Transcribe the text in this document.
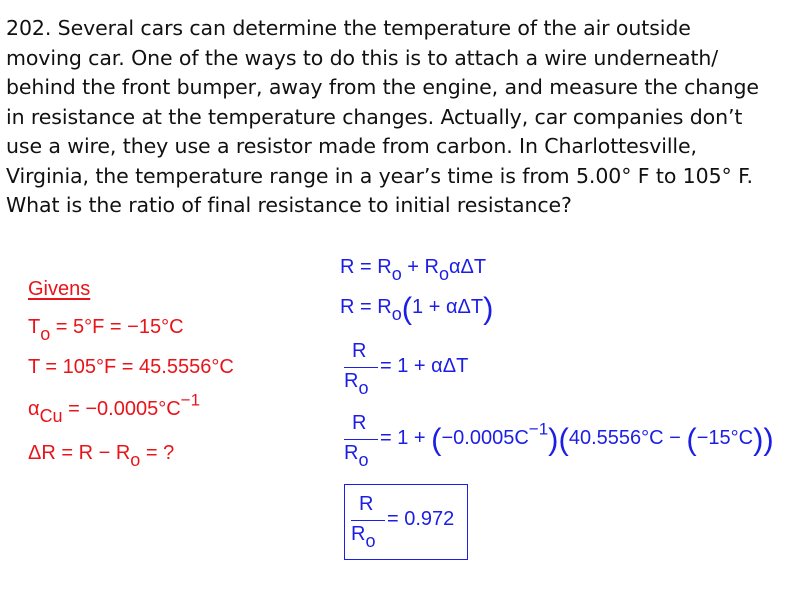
202. Several cars can determine the temperature of the air outside
moving car. One of the ways to do this is to attach a wire underneath/
behind the front bumper, away from the engine, and measure the change
in resistance at the temperature changes. Actually, car companies don’t
use a wire, they use a resistor made from carbon. In Charlottesville,
Virginia, the temperature range in a year’s time is from 5.00° F to 105° F.
What is the ratio of final resistance to initial resistance?
Givens
$T_o = 5^\circ F = -15^\circ C$
T = 105°F = 45.5556°C
$\alpha_{Cu} = -0.0005^\circ C^{-1}$
$\Delta R = R - R_o$ = ?
$R = R_o + R_o\alpha\Delta T$
$R = R_o(1 + \alpha\Delta T)$
R
$R_o$
= 1 + αΔT
R
$R_o$
= $1 + (-0.0005C^{-1})(40.5556^\circ C - (-15^\circ C))$
R
$R_o$
= 0.972
